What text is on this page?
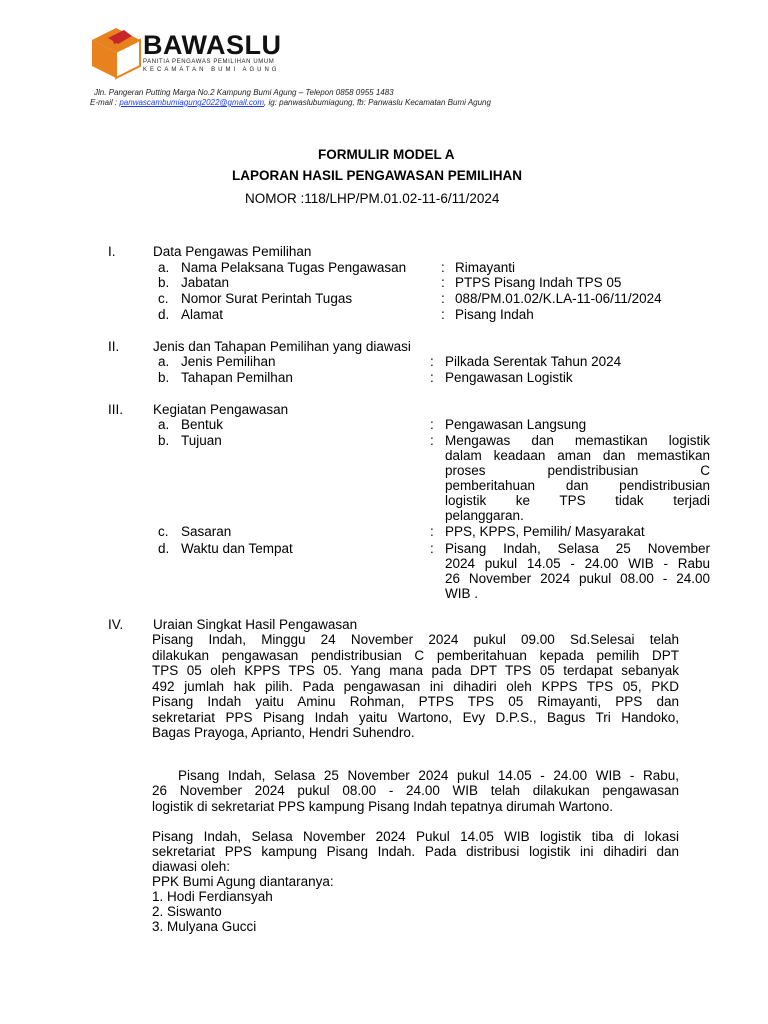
BAWASLU
PANITIA PENGAWAS PEMILIHAN UMUM
KECAMATAN BUMI AGUNG
Jln. Pangeran Putting Marga No.2 Kampung Bumi Agung – Telepon 0858 0955 1483
E-mail : panwascambumiagung2022@gmail.com, ig: panwaslubumiagung, fb: Panwaslu Kecamatan Bumi Agung
FORMULIR MODEL A
LAPORAN HASIL PENGAWASAN PEMILIHAN
NOMOR :118/LHP/PM.01.02-11-6/11/2024
I.	Data Pengawas Pemilihan
a. Nama Pelaksana Tugas Pengawasan	: Rimayanti
b. Jabatan	: PTPS Pisang Indah TPS 05
c. Nomor Surat Perintah Tugas	: 088/PM.01.02/K.LA-11-06/11/2024
d. Alamat	: Pisang Indah
II. Jenis dan Tahapan Pemilihan yang diawasi
a. Jenis Pemilihan	: Pilkada Serentak Tahun 2024
b. Tahapan Pemilhan	: Pengawasan Logistik
III. Kegiatan Pengawasan
a. Bentuk	: Pengawasan Langsung
b. Tujuan	: Mengawas dan memastikan logistik
dalam keadaan aman dan memastikan
proses pendistribusian C
pemberitahuan dan pendistribusian
logistik ke TPS tidak terjadi
pelanggaran.
c. Sasaran	: PPS, KPPS, Pemilih/ Masyarakat
d. Waktu dan Tempat	: Pisang Indah, Selasa 25 November
2024 pukul 14.05 - 24.00 WIB - Rabu
26 November 2024 pukul 08.00 - 24.00
WIB .
IV. Uraian Singkat Hasil Pengawasan
Pisang Indah, Minggu 24 November 2024 pukul 09.00 Sd.Selesai telah
dilakukan pengawasan pendistribusian C pemberitahuan kepada pemilih DPT
TPS 05 oleh KPPS TPS 05. Yang mana pada DPT TPS 05 terdapat sebanyak
492 jumlah hak pilih. Pada pengawasan ini dihadiri oleh KPPS TPS 05, PKD
Pisang Indah yaitu Aminu Rohman, PTPS TPS 05 Rimayanti, PPS dan
sekretariat PPS Pisang Indah yaitu Wartono, Evy D.P.S., Bagus Tri Handoko,
Bagas Prayoga, Aprianto, Hendri Suhendro.
Pisang Indah, Selasa 25 November 2024 pukul 14.05 - 24.00 WIB - Rabu,
26 November 2024 pukul 08.00 - 24.00 WIB telah dilakukan pengawasan
logistik di sekretariat PPS kampung Pisang Indah tepatnya dirumah Wartono.
Pisang Indah, Selasa November 2024 Pukul 14.05 WIB logistik tiba di lokasi
sekretariat PPS kampung Pisang Indah. Pada distribusi logistik ini dihadiri dan
diawasi oleh:
PPK Bumi Agung diantaranya:
1. Hodi Ferdiansyah
2. Siswanto
3. Mulyana Gucci
